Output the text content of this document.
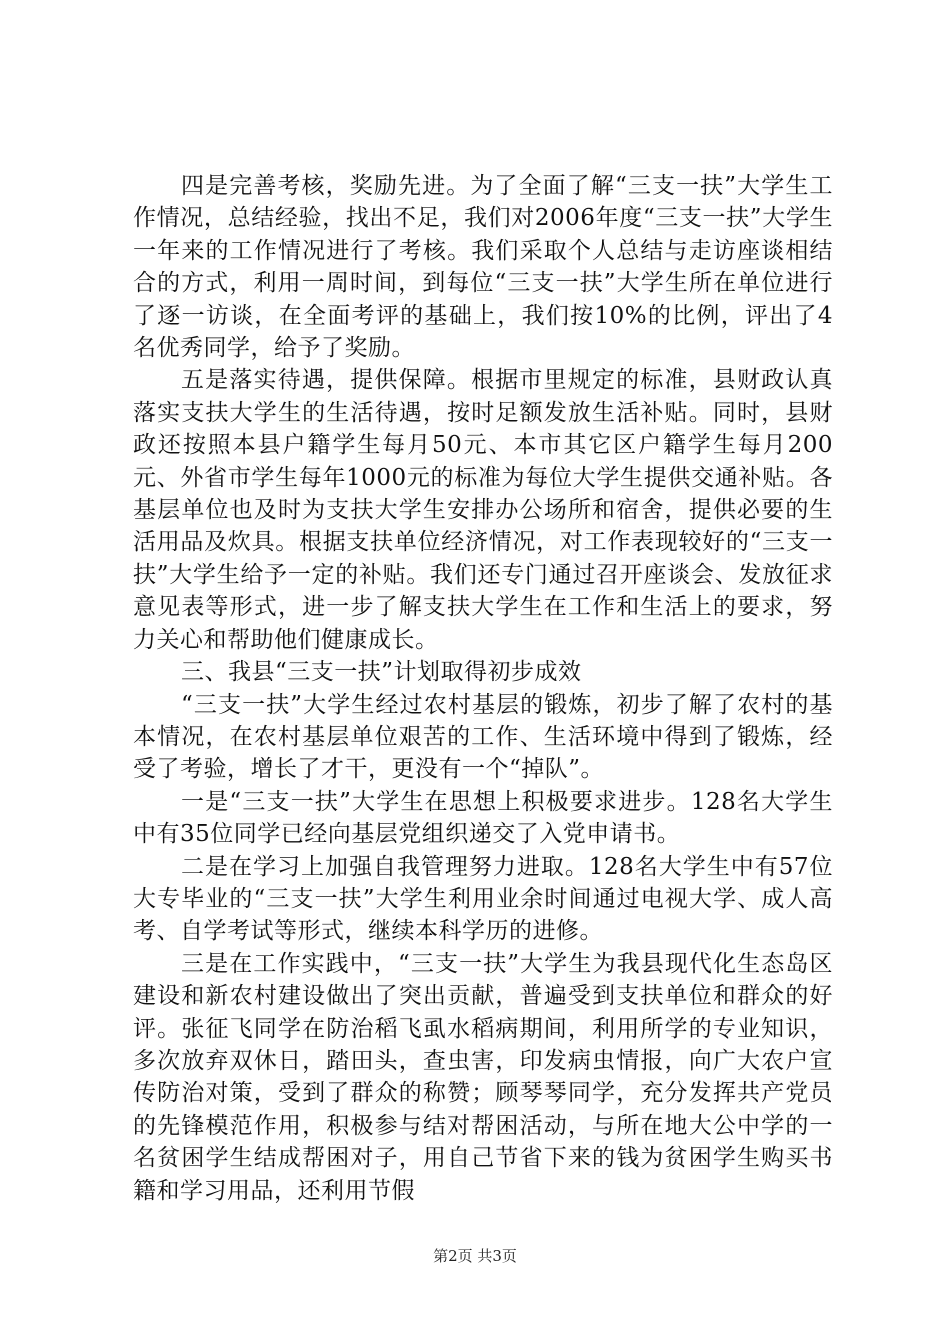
四是完善考核，奖励先进。为了全面了解“三支一扶”大学生工作情况，总结经验，找出不足，我们对2006年度“三支一扶”大学生一年来的工作情况进行了考核。我们采取个人总结与走访座谈相结合的方式，利用一周时间，到每位“三支一扶”大学生所在单位进行了逐一访谈，在全面考评的基础上，我们按10%的比例，评出了4名优秀同学，给予了奖励。

五是落实待遇，提供保障。根据市里规定的标准，县财政认真落实支扶大学生的生活待遇，按时足额发放生活补贴。同时，县财政还按照本县户籍学生每月50元、本市其它区户籍学生每月200元、外省市学生每年1000元的标准为每位大学生提供交通补贴。各基层单位也及时为支扶大学生安排办公场所和宿舍，提供必要的生活用品及炊具。根据支扶单位经济情况，对工作表现较好的“三支一扶”大学生给予一定的补贴。我们还专门通过召开座谈会、发放征求意见表等形式，进一步了解支扶大学生在工作和生活上的要求，努力关心和帮助他们健康成长。

三、我县“三支一扶”计划取得初步成效

“三支一扶”大学生经过农村基层的锻炼，初步了解了农村的基本情况，在农村基层单位艰苦的工作、生活环境中得到了锻炼，经受了考验，增长了才干，更没有一个“掉队”。

一是“三支一扶”大学生在思想上积极要求进步。128名大学生中有35位同学已经向基层党组织递交了入党申请书。

二是在学习上加强自我管理努力进取。128名大学生中有57位大专毕业的“三支一扶”大学生利用业余时间通过电视大学、成人高考、自学考试等形式，继续本科学历的进修。

三是在工作实践中，“三支一扶”大学生为我县现代化生态岛区建设和新农村建设做出了突出贡献，普遍受到支扶单位和群众的好评。张征飞同学在防治稻飞虱水稻病期间，利用所学的专业知识，多次放弃双休日，踏田头，查虫害，印发病虫情报，向广大农户宣传防治对策，受到了群众的称赞；顾琴琴同学，充分发挥共产党员的先锋模范作用，积极参与结对帮困活动，与所在地大公中学的一名贫困学生结成帮困对子，用自己节省下来的钱为贫困学生购买书籍和学习用品，还利用节假

第2页 共3页
